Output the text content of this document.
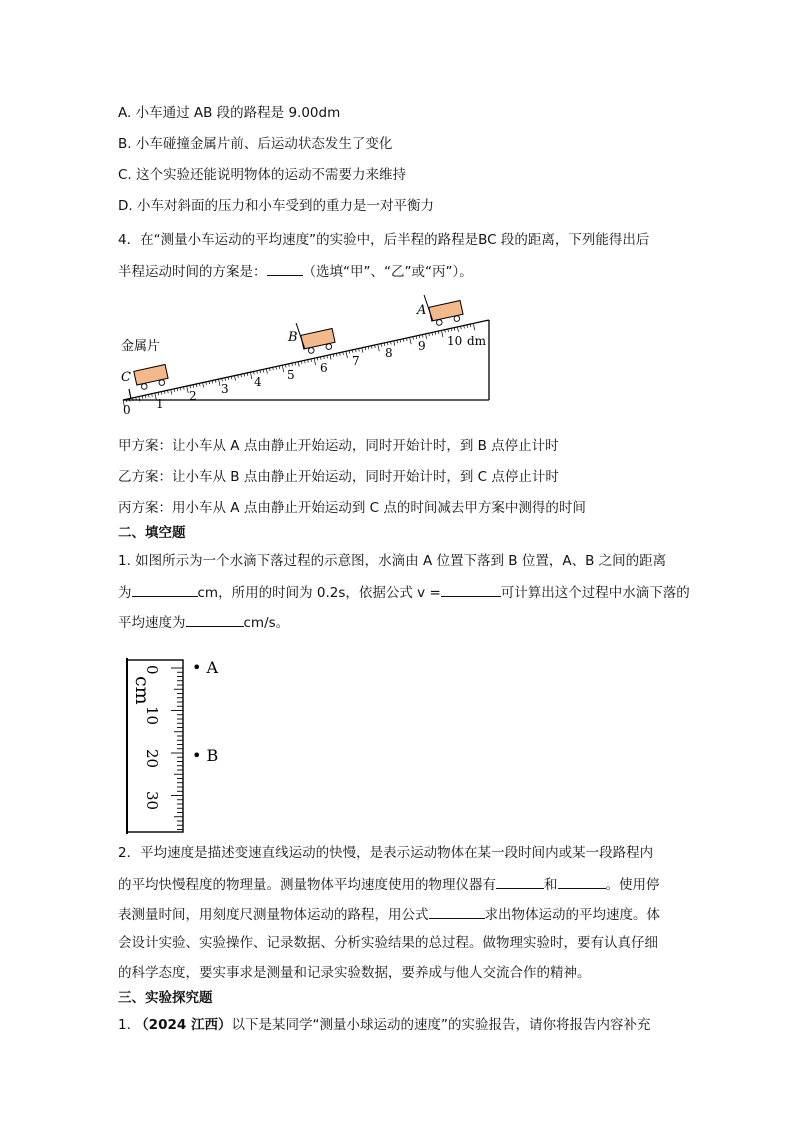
A. 小车通过 AB 段的路程是 9.00dm
B. 小车碰撞金属片前、后运动状态发生了变化
C. 这个实验还能说明物体的运动不需要力来维持
D. 小车对斜面的压力和小车受到的重力是一对平衡力
4．在“测量小车运动的平均速度”的实验中，后半程的路程是BC 段的距离，下列能得出后
半程运动时间的方案是：	（选填“甲”、“乙”或“丙”）。
金属片
C
B
A
0 1
2 3 4 5 6 7
8 9 10 dm
甲方案：让小车从 A 点由静止开始运动，同时开始计时，到 B 点停止计时
乙方案：让小车从 B 点由静止开始运动，同时开始计时，到 C 点停止计时
丙方案：用小车从 A 点由静止开始运动到 C 点的时间减去甲方案中测得的时间
二、填空题
1. 如图所示为一个水滴下落过程的示意图，水滴由 A 位置下落到 B 位置，A、B 之间的距离
为	cm，所用的时间为 0.2s，依据公式 v =	可计算出这个过程中水滴下落的
平均速度为	cm/s。
cm
0
10
20
30
• A
• B
2．平均速度是描述变速直线运动的快慢，是表示运动物体在某一段时间内或某一段路程内
的平均快慢程度的物理量。测量物体平均速度使用的物理仪器有	和	。使用停
表测量时间，用刻度尺测量物体运动的路程，用公式	求出物体运动的平均速度。体
会设计实验、实验操作、记录数据、分析实验结果的总过程。做物理实验时，要有认真仔细
的科学态度，要实事求是测量和记录实验数据，要养成与他人交流合作的精神。
三、实验探究题
1. （2024 江西）以下是某同学“测量小球运动的速度”的实验报告，请你将报告内容补充
